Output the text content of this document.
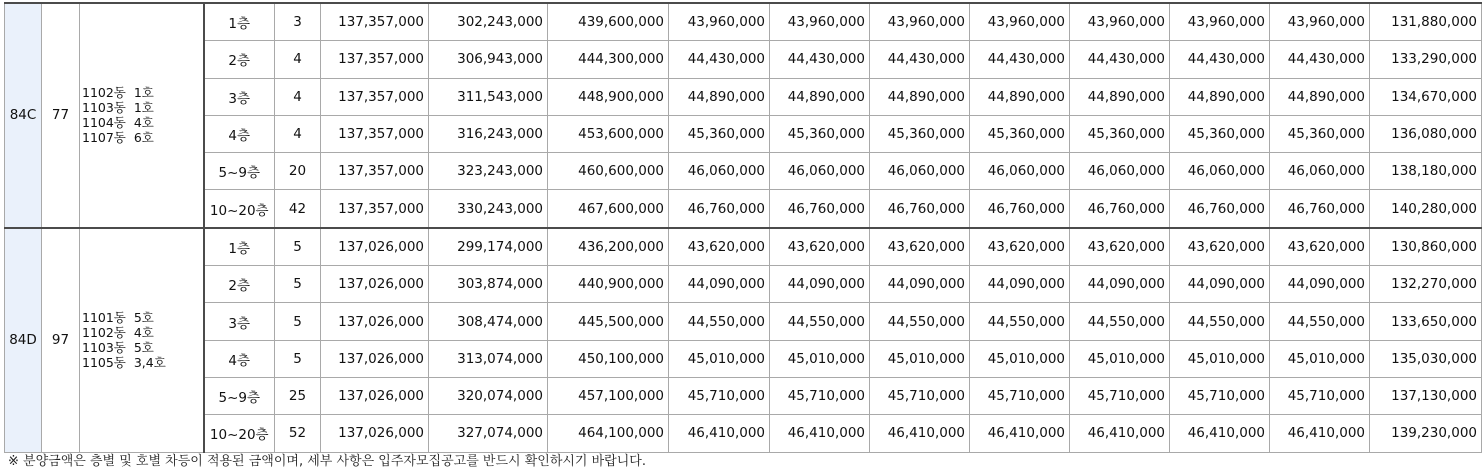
84C	77	1102동  1호
1103동  1호
1104동  4호
1107동  6호	1층	3	137,357,000	302,243,000	439,600,000	43,960,000	43,960,000	43,960,000	43,960,000	43,960,000	43,960,000	43,960,000	131,880,000
			2층	4	137,357,000	306,943,000	444,300,000	44,430,000	44,430,000	44,430,000	44,430,000	44,430,000	44,430,000	44,430,000	133,290,000
			3층	4	137,357,000	311,543,000	448,900,000	44,890,000	44,890,000	44,890,000	44,890,000	44,890,000	44,890,000	44,890,000	134,670,000
			4층	4	137,357,000	316,243,000	453,600,000	45,360,000	45,360,000	45,360,000	45,360,000	45,360,000	45,360,000	45,360,000	136,080,000
			5~9층	20	137,357,000	323,243,000	460,600,000	46,060,000	46,060,000	46,060,000	46,060,000	46,060,000	46,060,000	46,060,000	138,180,000
			10~20층	42	137,357,000	330,243,000	467,600,000	46,760,000	46,760,000	46,760,000	46,760,000	46,760,000	46,760,000	46,760,000	140,280,000
84D	97	1101동  5호
1102동  4호
1103동  5호
1105동  3,4호	1층	5	137,026,000	299,174,000	436,200,000	43,620,000	43,620,000	43,620,000	43,620,000	43,620,000	43,620,000	43,620,000	130,860,000
			2층	5	137,026,000	303,874,000	440,900,000	44,090,000	44,090,000	44,090,000	44,090,000	44,090,000	44,090,000	44,090,000	132,270,000
			3층	5	137,026,000	308,474,000	445,500,000	44,550,000	44,550,000	44,550,000	44,550,000	44,550,000	44,550,000	44,550,000	133,650,000
			4층	5	137,026,000	313,074,000	450,100,000	45,010,000	45,010,000	45,010,000	45,010,000	45,010,000	45,010,000	45,010,000	135,030,000
			5~9층	25	137,026,000	320,074,000	457,100,000	45,710,000	45,710,000	45,710,000	45,710,000	45,710,000	45,710,000	45,710,000	137,130,000
			10~20층	52	137,026,000	327,074,000	464,100,000	46,410,000	46,410,000	46,410,000	46,410,000	46,410,000	46,410,000	46,410,000	139,230,000
※ 분양금액은 층별 및 호별 차등이 적용된 금액이며, 세부 사항은 입주자모집공고를 반드시 확인하시기 바랍니다.
